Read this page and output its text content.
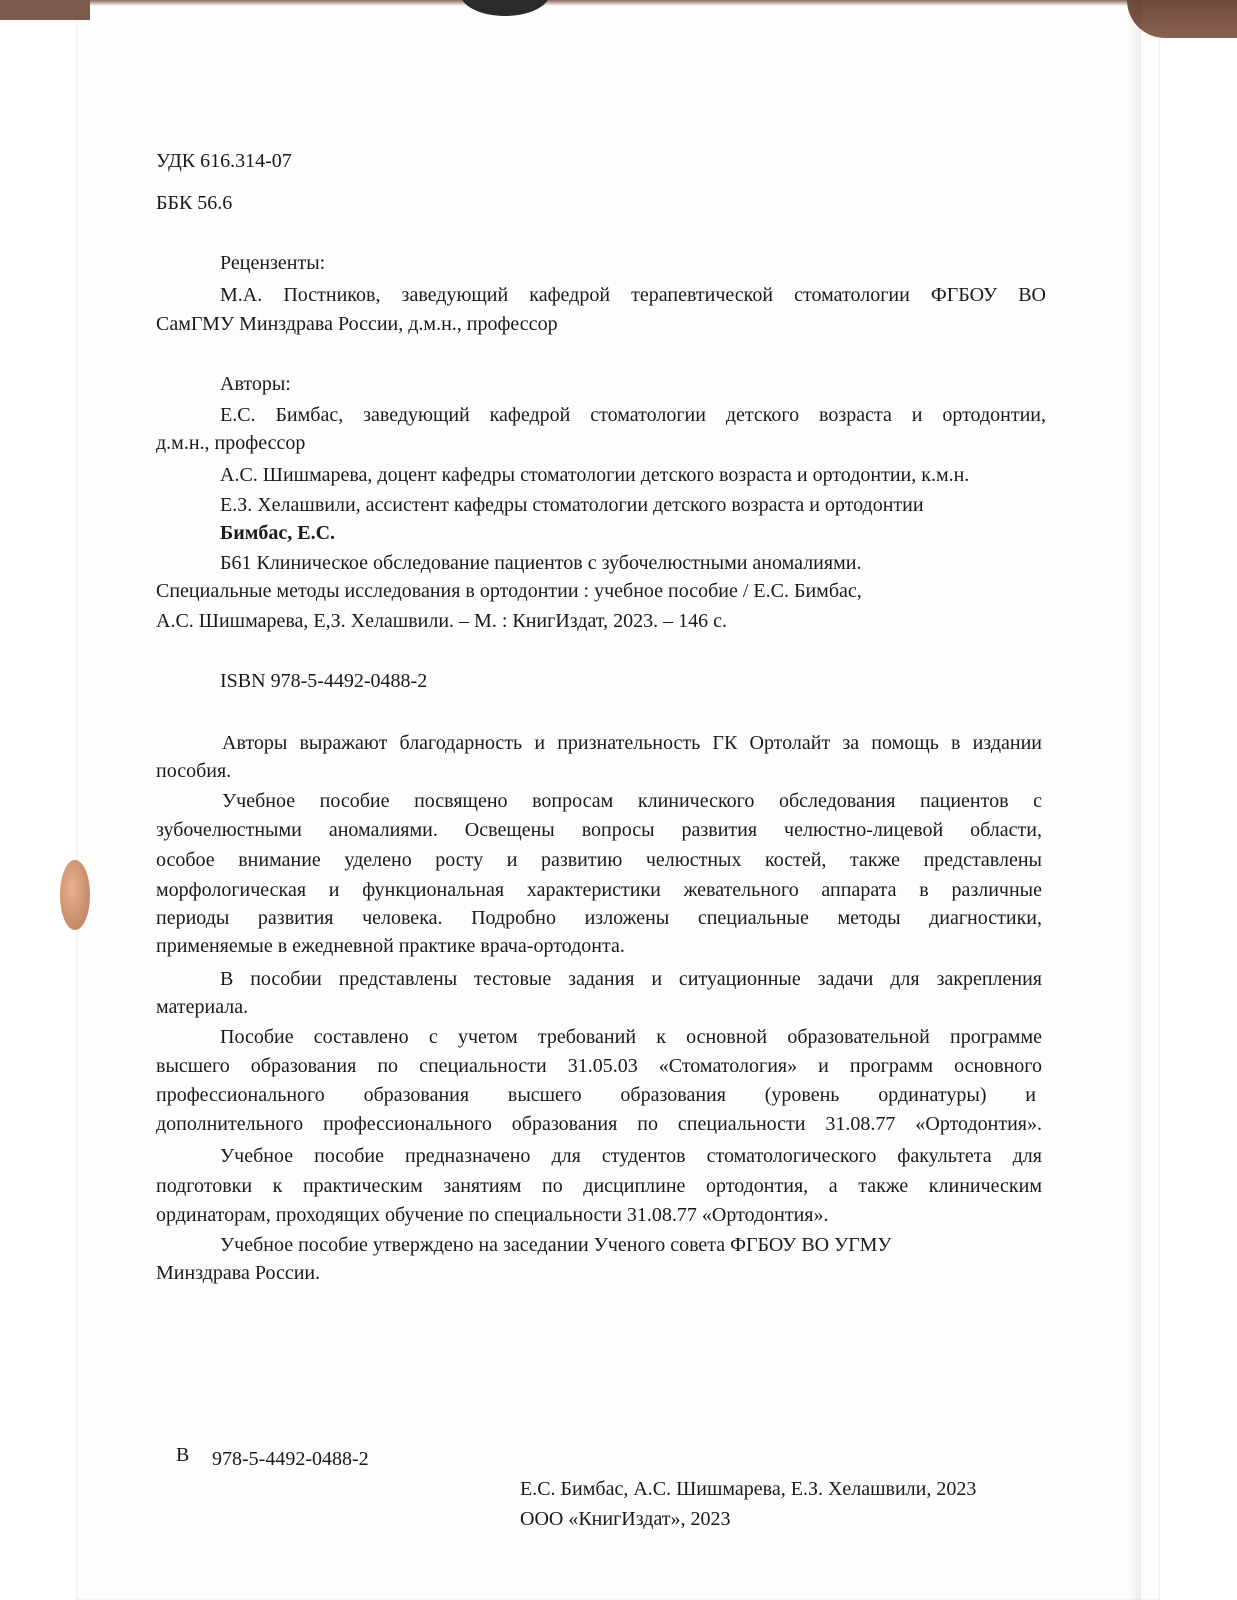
УДК 616.314-07
ББК 56.6
Рецензенты:
М.А. Постников, заведующий кафедрой терапевтической стоматологии ФГБОУ ВО
СамГМУ Минздрава России, д.м.н., профессор
Авторы:
Е.С. Бимбас, заведующий кафедрой стоматологии детского возраста и ортодонтии,
д.м.н., профессор
А.С. Шишмарева, доцент кафедры стоматологии детского возраста и ортодонтии, к.м.н.
Е.З. Хелашвили, ассистент кафедры стоматологии детского возраста и ортодонтии
Бимбас, Е.С.
Б61 Клиническое обследование пациентов с зубочелюстными аномалиями.
Специальные методы исследования в ортодонтии : учебное пособие / Е.С. Бимбас,
А.С. Шишмарева, Е,З. Хелашвили. – М. : КнигИздат, 2023. – 146 с.
ISBN 978-5-4492-0488-2
Авторы выражают благодарность и признательность ГК Ортолайт за помощь в издании
пособия.
Учебное пособие посвящено вопросам клинического обследования пациентов с
зубочелюстными аномалиями. Освещены вопросы развития челюстно-лицевой области,
особое внимание уделено росту и развитию челюстных костей, также представлены
морфологическая и функциональная характеристики жевательного аппарата в различные
периоды развития человека. Подробно изложены специальные методы диагностики,
применяемые в ежедневной практике врача-ортодонта.
В пособии представлены тестовые задания и ситуационные задачи для закрепления
материала.
Пособие составлено с учетом требований к основной образовательной программе
высшего образования по специальности 31.05.03 «Стоматология» и программ основного
профессионального образования высшего образования (уровень ординатуры) и
дополнительного профессионального образования по специальности 31.08.77 «Ортодонтия».
Учебное пособие предназначено для студентов стоматологического факультета для
подготовки к практическим занятиям по дисциплине ортодонтия, а также клиническим
ординаторам, проходящих обучение по специальности 31.08.77 «Ортодонтия».
Учебное пособие утверждено на заседании Ученого совета ФГБОУ ВО УГМУ
Минздрава России.
В 978-5-4492-0488-2
Е.С. Бимбас, А.С. Шишмарева, Е.З. Хелашвили, 2023
ООО «КнигИздат», 2023
